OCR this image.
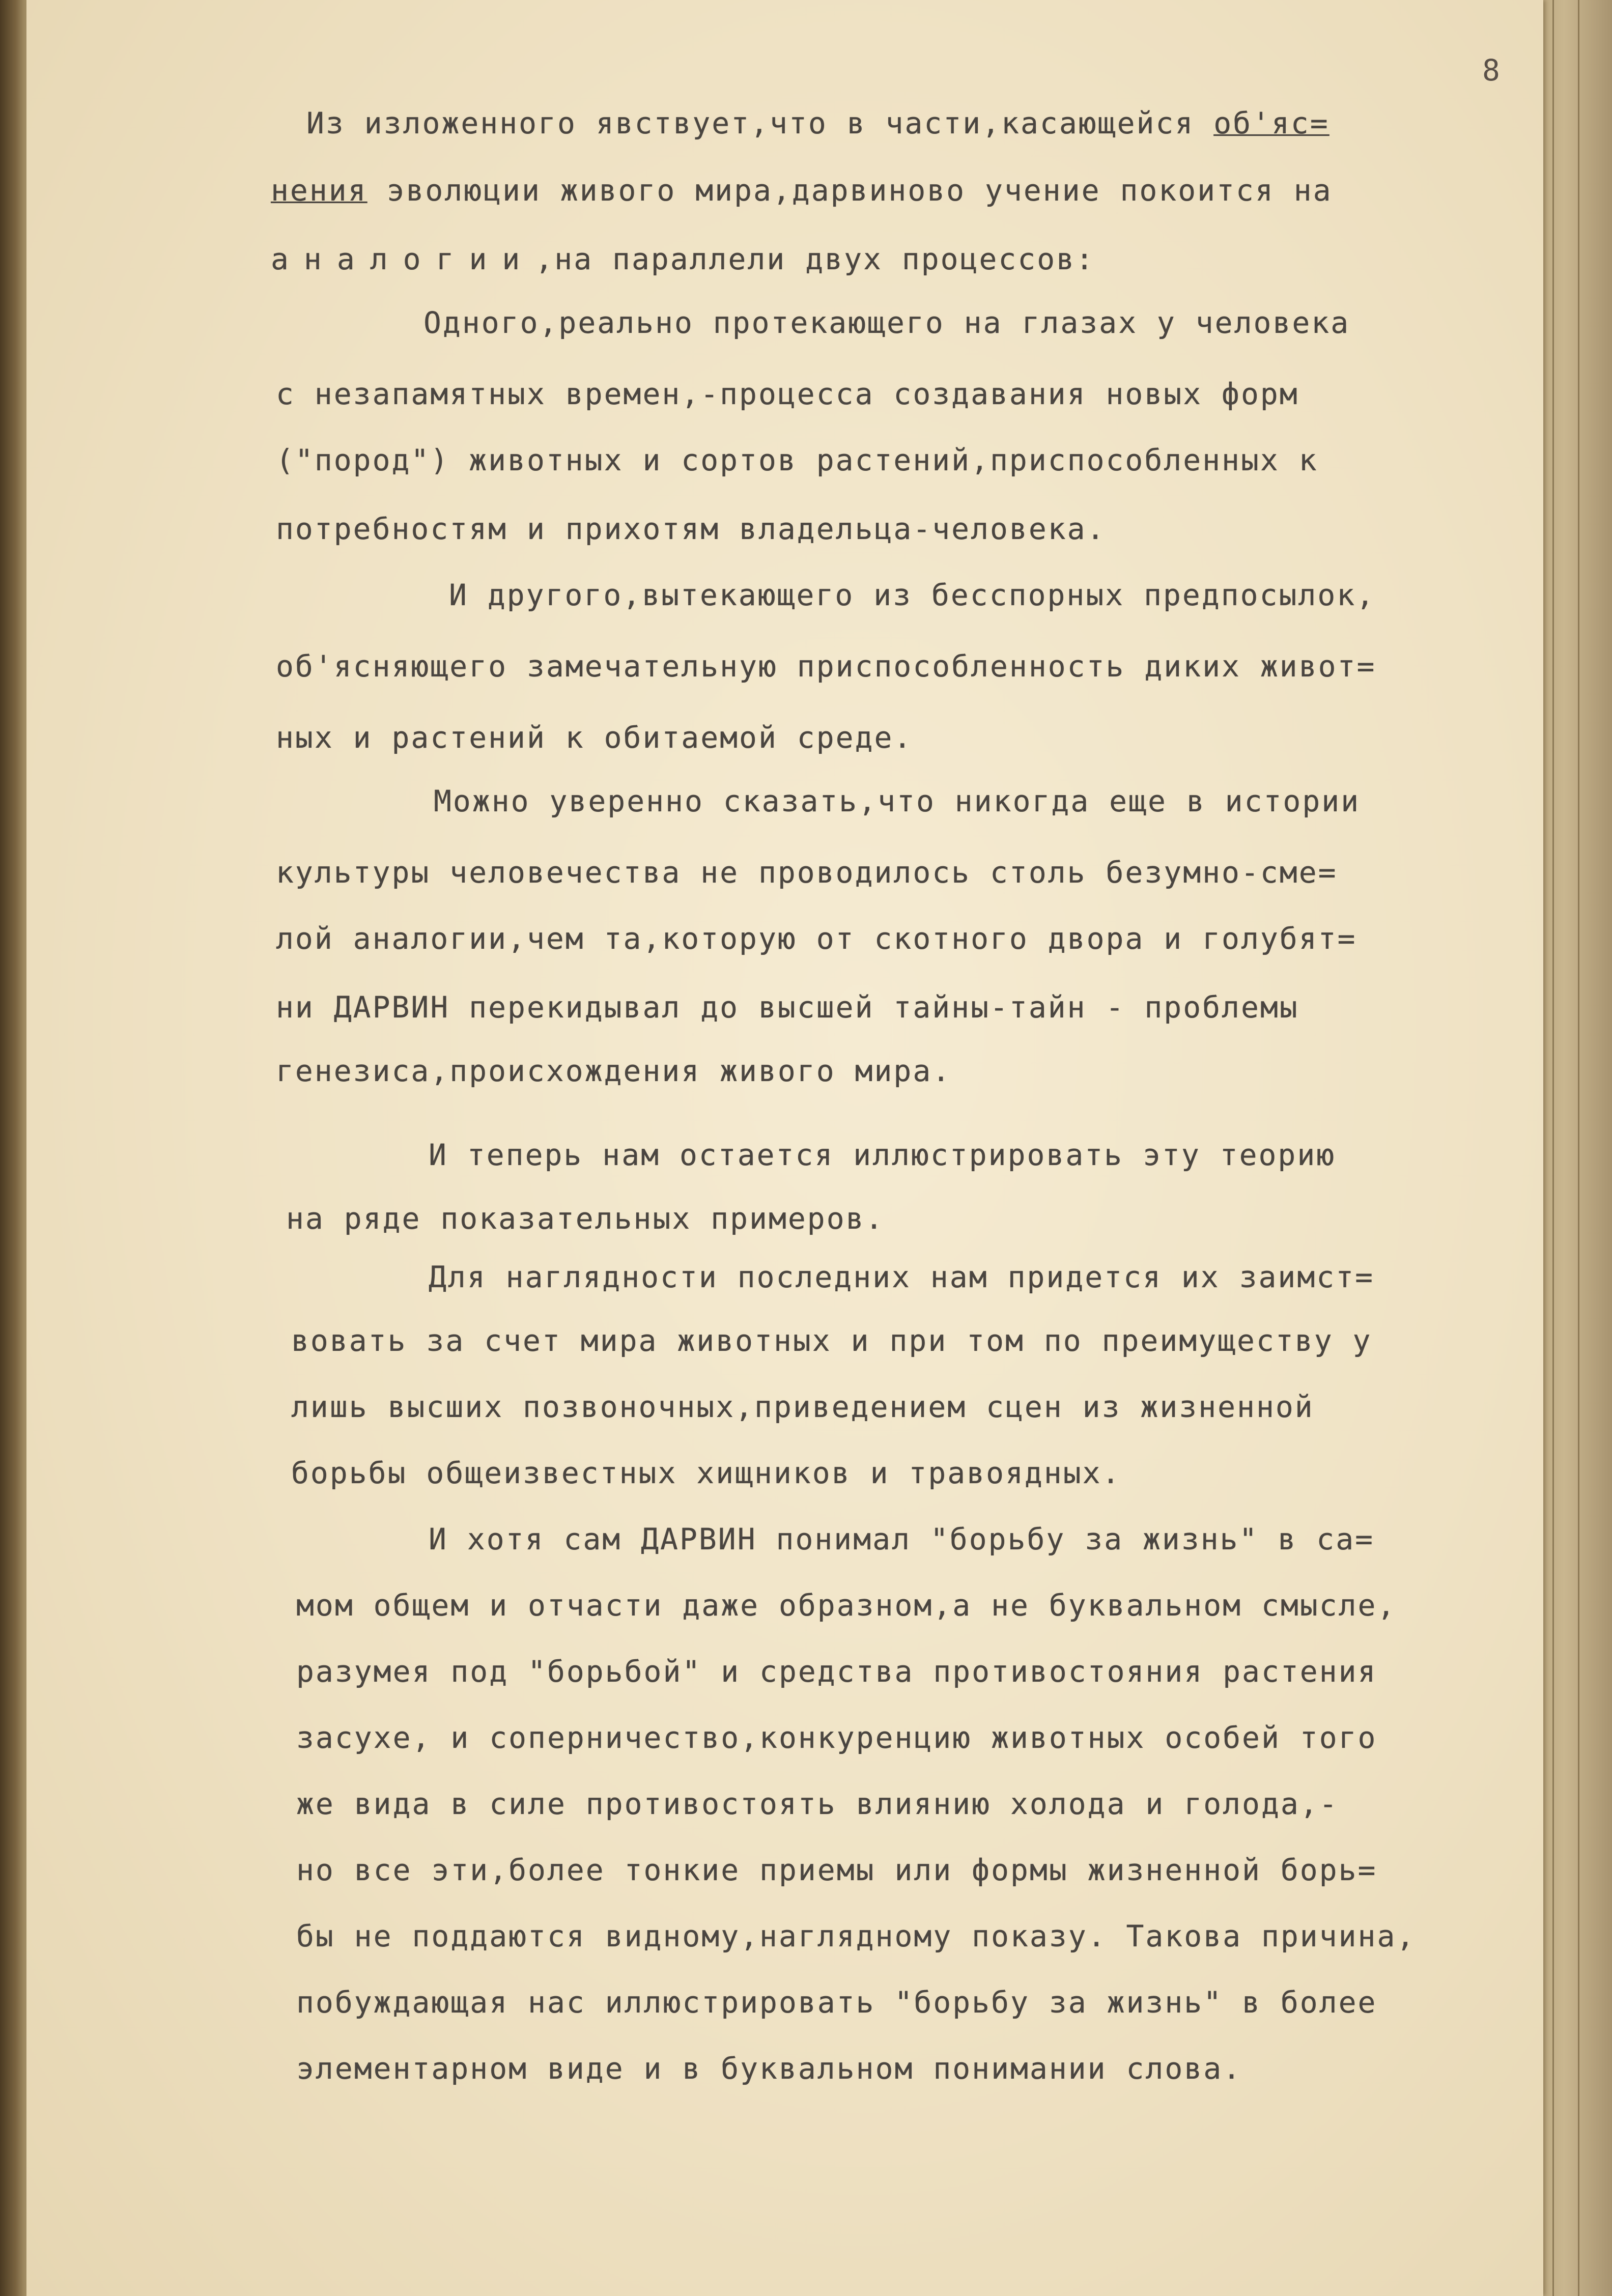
8
Из изложенного явствует,что в части,касающейся об'яс=
нения эволюции живого мира,дарвиново учение покоится на
аналогии,на параллели двух процессов:
Одного,реально протекающего на глазах у человека
с незапамятных времен,-процесса создавания новых форм
("пород") животных и сортов растений,приспособленных к
потребностям и прихотям владельца-человека.
И другого,вытекающего из бесспорных предпосылок,
об'ясняющего замечательную приспособленность диких живот=
ных и растений к обитаемой среде.
Можно уверенно сказать,что никогда еще в истории
культуры человечества не проводилось столь безумно-сме=
лой аналогии,чем та,которую от скотного двора и голубят=
ни ДАРВИН перекидывал до высшей тайны-тайн - проблемы
генезиса,происхождения живого мира.
И теперь нам остается иллюстрировать эту теорию
на ряде показательных примеров.
Для наглядности последних нам придется их заимст=
вовать за счет мира животных и при том по преимуществу у
лишь высших позвоночных,приведением сцен из жизненной
борьбы общеизвестных хищников и травоядных.
И хотя сам ДАРВИН понимал "борьбу за жизнь" в са=
мом общем и отчасти даже образном,а не буквальном смысле,
разумея под "борьбой" и средства противостояния растения
засухе, и соперничество,конкуренцию животных особей того
же вида в силе противостоять влиянию холода и голода,-
но все эти,более тонкие приемы или формы жизненной борь=
бы не поддаются видному,наглядному показу. Такова причина,
побуждающая нас иллюстрировать "борьбу за жизнь" в более
элементарном виде и в буквальном понимании слова.
